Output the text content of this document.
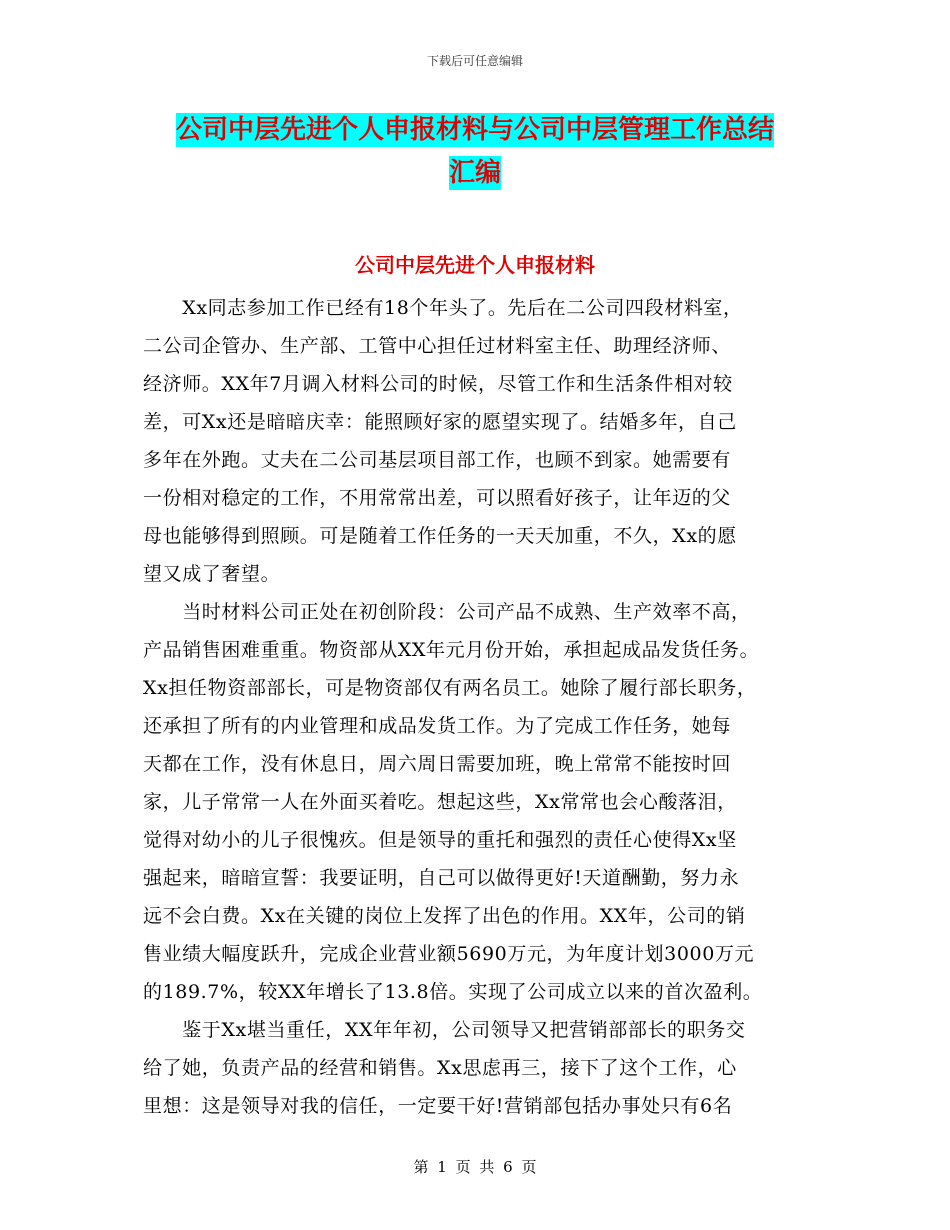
下载后可任意编辑
公司中层先进个人申报材料与公司中层管理工作总结
汇编
公司中层先进个人申报材料
　　Xx同志参加工作已经有18个年头了。先后在二公司四段材料室，
二公司企管办、生产部、工管中心担任过材料室主任、助理经济师、
经济师。XX年7月调入材料公司的时候，尽管工作和生活条件相对较
差，可Xx还是暗暗庆幸：能照顾好家的愿望实现了。结婚多年，自己
多年在外跑。丈夫在二公司基层项目部工作，也顾不到家。她需要有
一份相对稳定的工作，不用常常出差，可以照看好孩子，让年迈的父
母也能够得到照顾。可是随着工作任务的一天天加重，不久，Xx的愿
望又成了奢望。
　　当时材料公司正处在初创阶段：公司产品不成熟、生产效率不高，
产品销售困难重重。物资部从XX年元月份开始，承担起成品发货任务。
Xx担任物资部部长，可是物资部仅有两名员工。她除了履行部长职务，
还承担了所有的内业管理和成品发货工作。为了完成工作任务，她每
天都在工作，没有休息日，周六周日需要加班，晚上常常不能按时回
家，儿子常常一人在外面买着吃。想起这些，Xx常常也会心酸落泪，
觉得对幼小的儿子很愧疚。但是领导的重托和强烈的责任心使得Xx坚
强起来，暗暗宣誓：我要证明，自己可以做得更好!天道酬勤，努力永
远不会白费。Xx在关键的岗位上发挥了出色的作用。XX年，公司的销
售业绩大幅度跃升，完成企业营业额5690万元，为年度计划3000万元
的189.7%，较XX年增长了13.8倍。实现了公司成立以来的首次盈利。
　　鉴于Xx堪当重任，XX年年初，公司领导又把营销部部长的职务交
给了她，负责产品的经营和销售。Xx思虑再三，接下了这个工作，心
里想：这是领导对我的信任，一定要干好!营销部包括办事处只有6名
第 1 页 共 6 页
